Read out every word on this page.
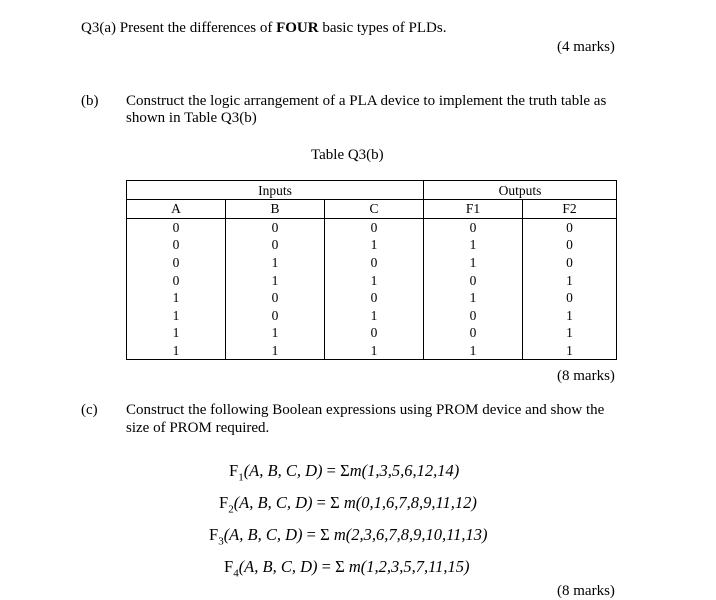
Q3(a) Present the differences of FOUR basic types of PLDs.
(4 marks)
(b) Construct the logic arrangement of a PLA device to implement the truth table as
shown in Table Q3(b)
Table Q3(b)
Inputs			Outputs	
A	B	C	F1	F2
0	0	0	0	0
0	0	1	1	0
0	1	0	1	0
0	1	1	0	1
1	0	0	1	0
1	0	1	0	1
1	1	0	0	1
1	1	1	1	1
(8 marks)
(c) Construct the following Boolean expressions using PROM device and show the
size of PROM required.
$F_1(A$, B, C, D) = Σm(1,3,5,6,12,14)
$F_2(A$, B, C, D) = Σ m(0,1,6,7,8,9,11,12)
$F_3(A$, B, C, D) = Σ m(2,3,6,7,8,9,10,11,13)
$F_4(A$, B, C, D) = Σ m(1,2,3,5,7,11,15)
(8 marks)
